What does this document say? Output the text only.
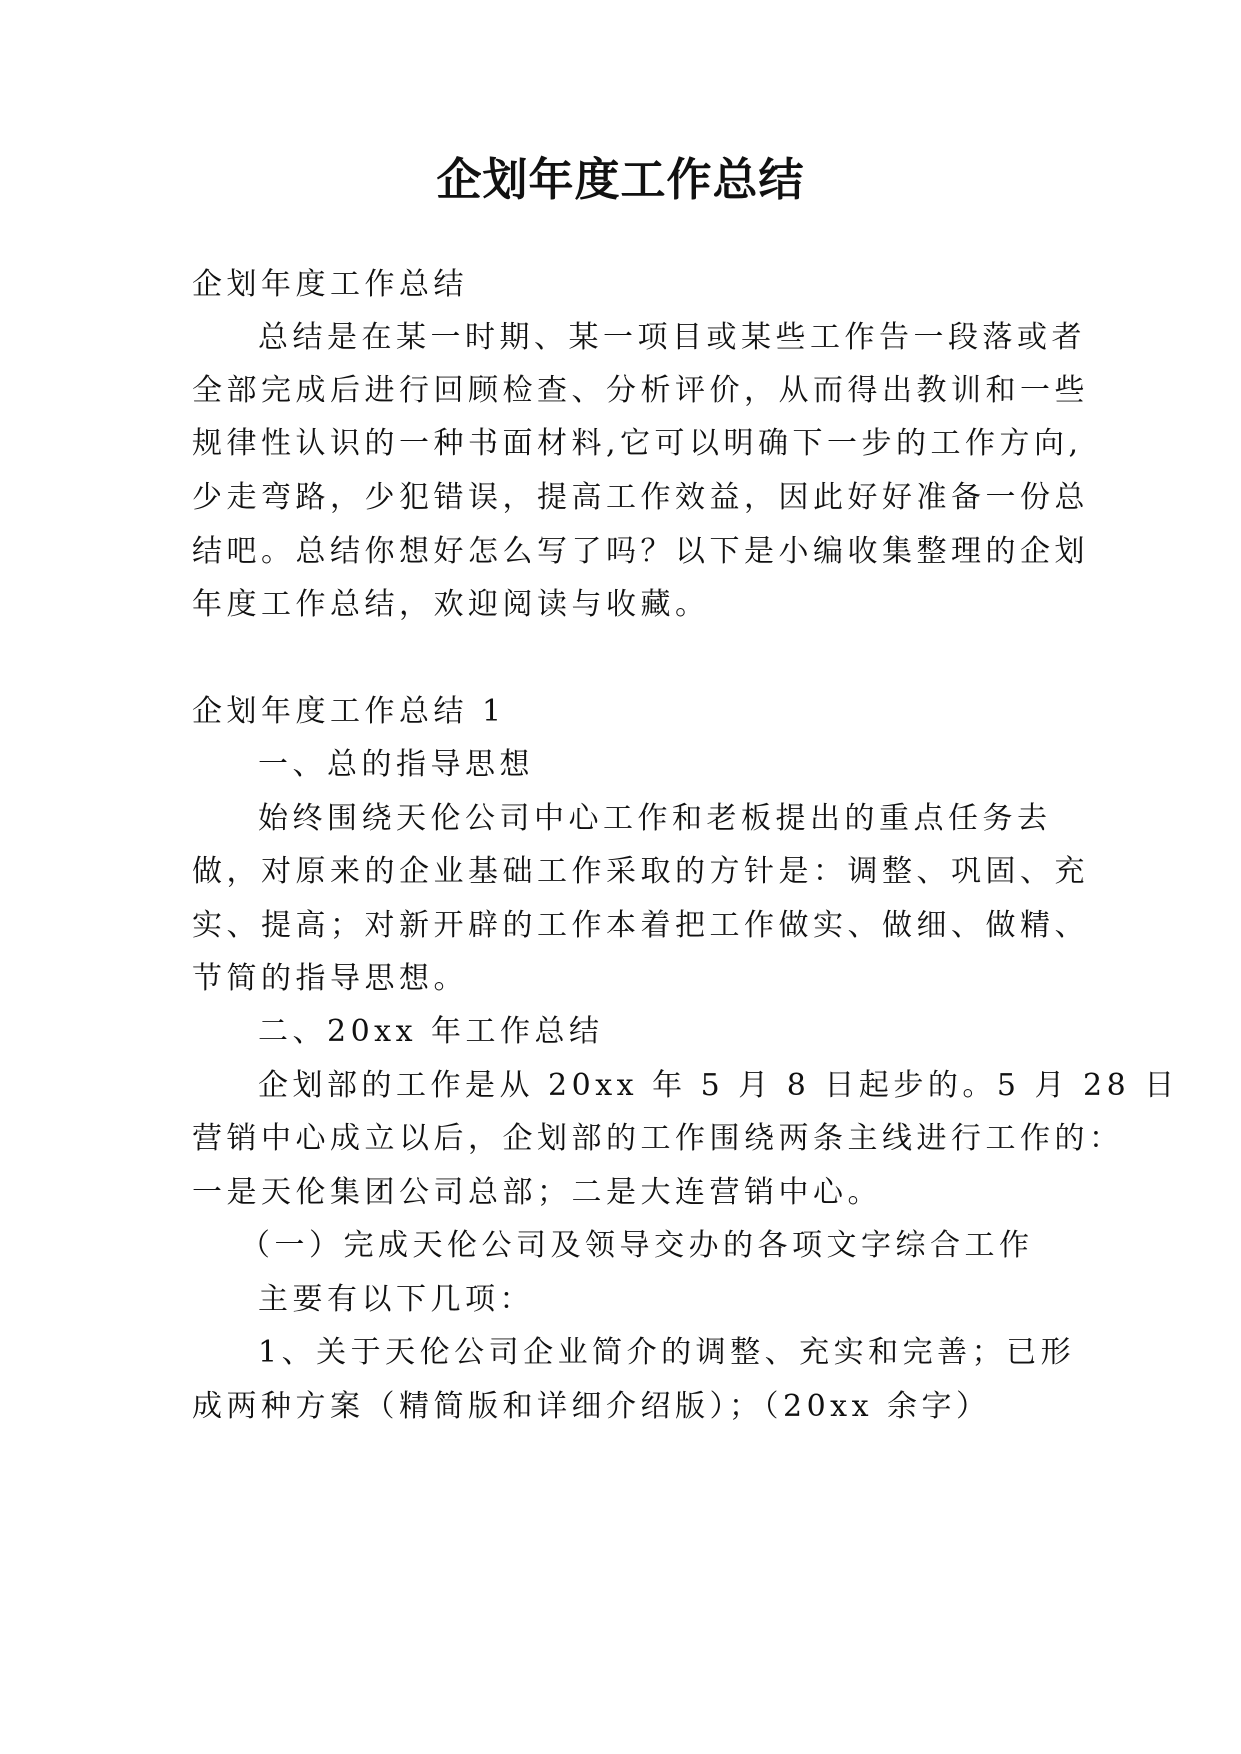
企划年度工作总结
企划年度工作总结
总结是在某一时期、某一项目或某些工作告一段落或者
全部完成后进行回顾检查、分析评价，从而得出教训和一些
规律性认识的一种书面材料,它可以明确下一步的工作方向,
少走弯路，少犯错误，提高工作效益，因此好好准备一份总
结吧。总结你想好怎么写了吗？以下是小编收集整理的企划
年度工作总结，欢迎阅读与收藏。
企划年度工作总结 1
一、总的指导思想
始终围绕天伦公司中心工作和老板提出的重点任务去
做，对原来的企业基础工作采取的方针是：调整、巩固、充
实、提高；对新开辟的工作本着把工作做实、做细、做精、
节简的指导思想。
二、20xx 年工作总结
企划部的工作是从 20xx 年 5 月 8 日起步的。5 月 28 日
营销中心成立以后，企划部的工作围绕两条主线进行工作的：
一是天伦集团公司总部；二是大连营销中心。
（一）完成天伦公司及领导交办的各项文字综合工作
主要有以下几项：
1、关于天伦公司企业简介的调整、充实和完善；已形
成两种方案（精简版和详细介绍版）；（20xx 余字）
